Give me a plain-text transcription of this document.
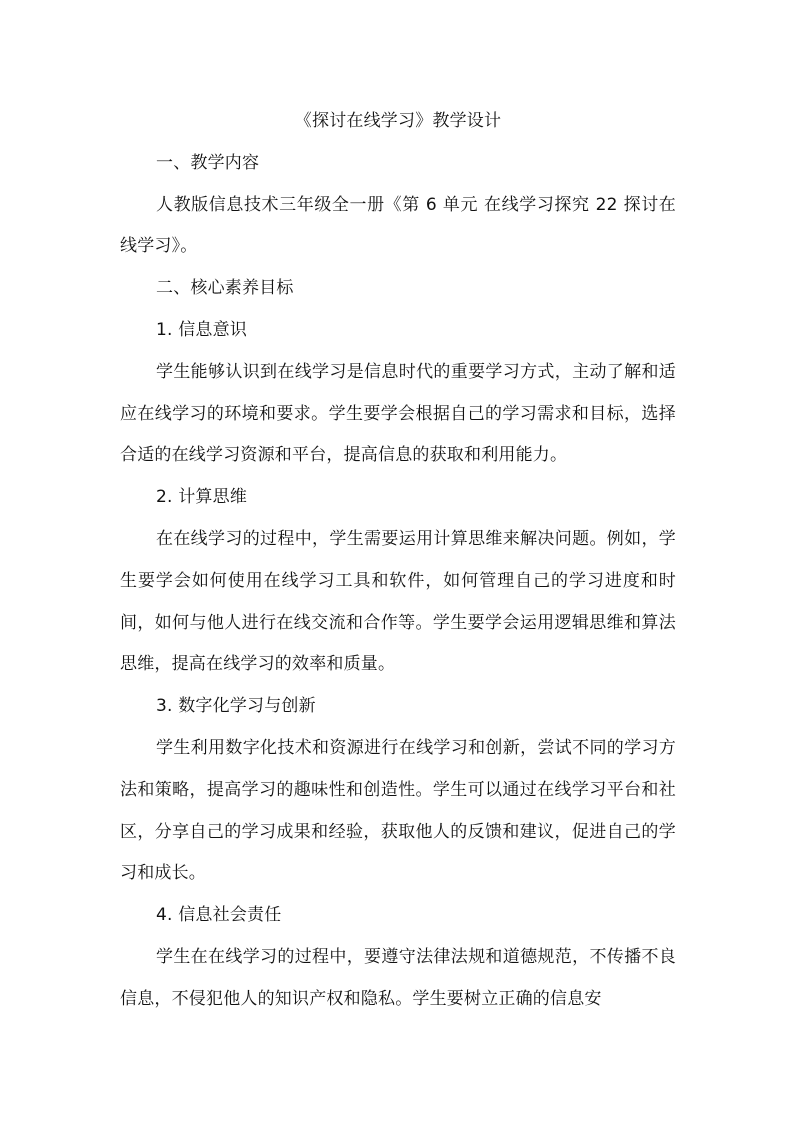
《探讨在线学习》教学设计

一、教学内容

人教版信息技术三年级全一册《第 6 单元 在线学习探究 22 探讨在线学习》。

二、核心素养目标

1. 信息意识

学生能够认识到在线学习是信息时代的重要学习方式，主动了解和适应在线学习的环境和要求。学生要学会根据自己的学习需求和目标，选择合适的在线学习资源和平台，提高信息的获取和利用能力。

2. 计算思维

在在线学习的过程中，学生需要运用计算思维来解决问题。例如，学生要学会如何使用在线学习工具和软件，如何管理自己的学习进度和时间，如何与他人进行在线交流和合作等。学生要学会运用逻辑思维和算法思维，提高在线学习的效率和质量。

3. 数字化学习与创新

学生利用数字化技术和资源进行在线学习和创新，尝试不同的学习方法和策略，提高学习的趣味性和创造性。学生可以通过在线学习平台和社区，分享自己的学习成果和经验，获取他人的反馈和建议，促进自己的学习和成长。

4. 信息社会责任

学生在在线学习的过程中，要遵守法律法规和道德规范，不传播不良信息，不侵犯他人的知识产权和隐私。学生要树立正确的信息安
